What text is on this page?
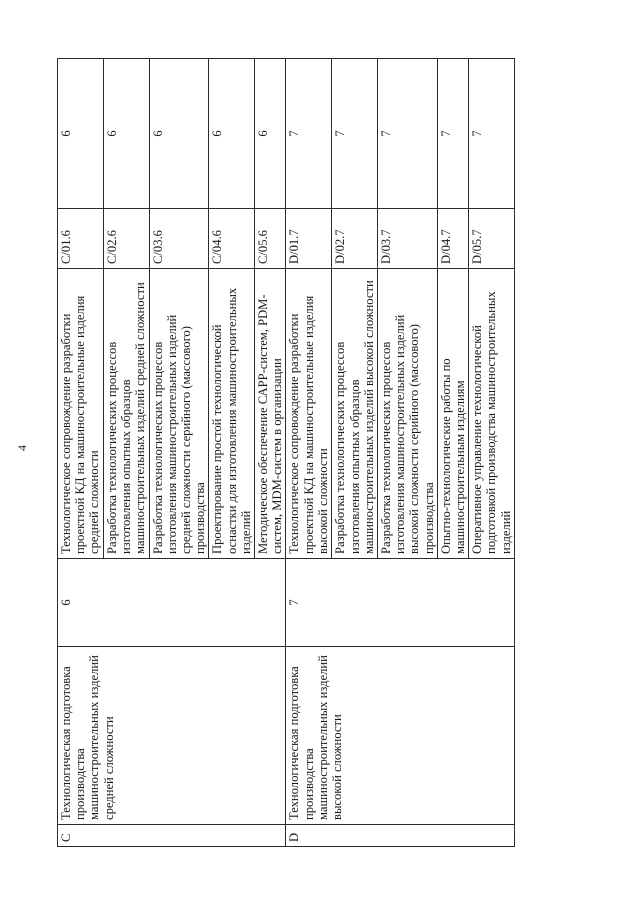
4
C	Технологическая подготовка производства машиностроительных изделий средней сложности	6	Технологическое сопровождение разработки проектной КД на машиностроительные изделия средней сложности	C/01.6	6
			Разработка технологических процессов изготовления опытных образцов машиностроительных изделий средней сложности	C/02.6	6
			Разработка технологических процессов изготовления машиностроительных изделий средней сложности серийного (массового) производства	C/03.6	6
			Проектирование простой технологической оснастки для изготовления машиностроительных изделий	C/04.6	6
			Методическое обеспечение САРР-систем, PDM-систем, MDM-систем в организации	C/05.6	6
D	Технологическая подготовка производства машиностроительных изделий высокой сложности	7	Технологическое сопровождение разработки проектной КД на машиностроительные изделия высокой сложности	D/01.7	7
			Разработка технологических процессов изготовления опытных образцов машиностроительных изделий высокой сложности	D/02.7	7
			Разработка технологических процессов изготовления машиностроительных изделий высокой сложности серийного (массового) производства	D/03.7	7
			Опытно-технологические работы по машиностроительным изделиям	D/04.7	7
			Оперативное управление технологической подготовкой производства машиностроительных изделий	D/05.7	7
